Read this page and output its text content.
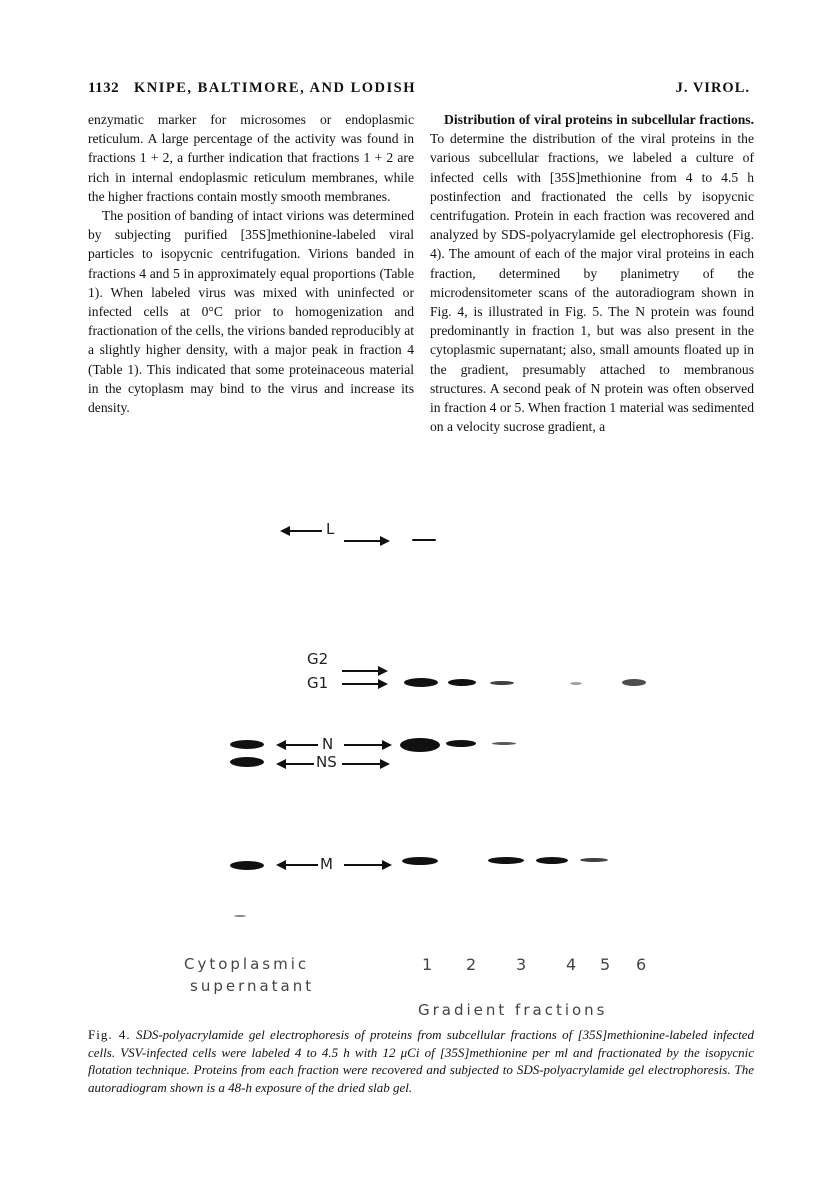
1132 KNIPE, BALTIMORE, AND LODISH	J. VIROL.

enzymatic marker for microsomes or endoplasmic reticulum. A large percentage of the activity was found in fractions 1 + 2, a further indication that fractions 1 + 2 are rich in internal endoplasmic reticulum membranes, while the higher fractions contain mostly smooth membranes.

The position of banding of intact virions was determined by subjecting purified [35S]methionine-labeled viral particles to isopycnic centrifugation. Virions banded in fractions 4 and 5 in approximately equal proportions (Table 1). When labeled virus was mixed with uninfected or infected cells at 0°C prior to homogenization and fractionation of the cells, the virions banded reproducibly at a slightly higher density, with a major peak in fraction 4 (Table 1). This indicated that some proteinaceous material in the cytoplasm may bind to the virus and increase its density.

Distribution of viral proteins in subcellular fractions. To determine the distribution of the viral proteins in the various subcellular fractions, we labeled a culture of infected cells with [35S]methionine from 4 to 4.5 h postinfection and fractionated the cells by isopycnic centrifugation. Protein in each fraction was recovered and analyzed by SDS-polyacrylamide gel electrophoresis (Fig. 4). The amount of each of the major viral proteins in each fraction, determined by planimetry of the microdensitometer scans of the autoradiogram shown in Fig. 4, is illustrated in Fig. 5. The N protein was found predominantly in fraction 1, but was also present in the cytoplasmic supernatant; also, small amounts floated up in the gradient, presumably attached to membranous structures. A second peak of N protein was often observed in fraction 4 or 5. When fraction 1 material was sedimented on a velocity sucrose gradient, a

L
G2
G1
N
NS
M
Cytoplasmic
supernatant
1 2 3 4 5 6
Gradient fractions
Fig. 4. SDS-polyacrylamide gel electrophoresis of proteins from subcellular fractions of [35S]methionine-labeled infected cells. VSV-infected cells were labeled 4 to 4.5 h with 12 μCi of [35S]methionine per ml and fractionated by the isopycnic flotation technique. Proteins from each fraction were recovered and subjected to SDS-polyacrylamide gel electrophoresis. The autoradiogram shown is a 48-h exposure of the dried slab gel.
